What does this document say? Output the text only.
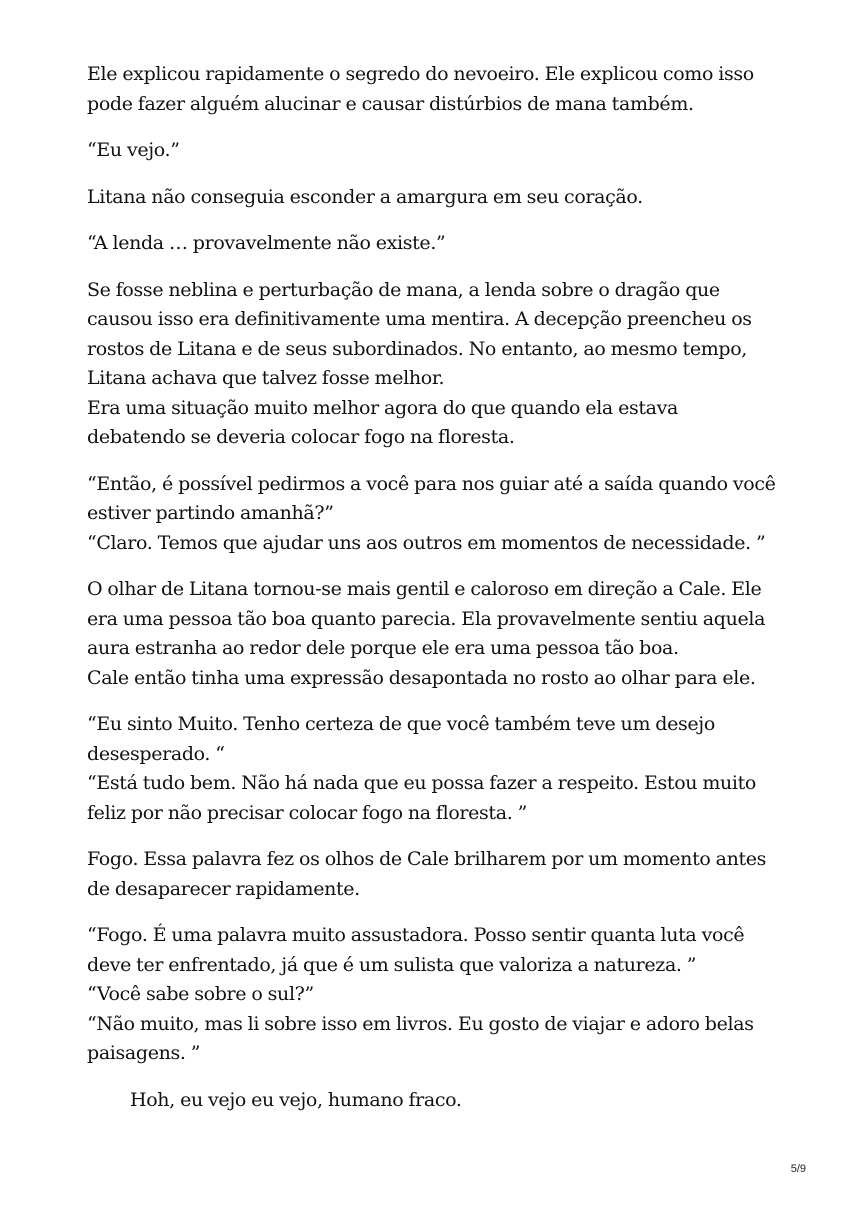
Ele explicou rapidamente o segredo do nevoeiro. Ele explicou como isso
pode fazer alguém alucinar e causar distúrbios de mana também.

“Eu vejo.”

Litana não conseguia esconder a amargura em seu coração.

“A lenda … provavelmente não existe.”

Se fosse neblina e perturbação de mana, a lenda sobre o dragão que
causou isso era definitivamente uma mentira. A decepção preencheu os
rostos de Litana e de seus subordinados. No entanto, ao mesmo tempo,
Litana achava que talvez fosse melhor.
Era uma situação muito melhor agora do que quando ela estava
debatendo se deveria colocar fogo na floresta.

“Então, é possível pedirmos a você para nos guiar até a saída quando você
estiver partindo amanhã?”
“Claro. Temos que ajudar uns aos outros em momentos de necessidade. ”

O olhar de Litana tornou-se mais gentil e caloroso em direção a Cale. Ele
era uma pessoa tão boa quanto parecia. Ela provavelmente sentiu aquela
aura estranha ao redor dele porque ele era uma pessoa tão boa.
Cale então tinha uma expressão desapontada no rosto ao olhar para ele.

“Eu sinto Muito. Tenho certeza de que você também teve um desejo
desesperado. “
“Está tudo bem. Não há nada que eu possa fazer a respeito. Estou muito
feliz por não precisar colocar fogo na floresta. ”

Fogo. Essa palavra fez os olhos de Cale brilharem por um momento antes
de desaparecer rapidamente.

“Fogo. É uma palavra muito assustadora. Posso sentir quanta luta você
deve ter enfrentado, já que é um sulista que valoriza a natureza. ”
“Você sabe sobre o sul?”
“Não muito, mas li sobre isso em livros. Eu gosto de viajar e adoro belas
paisagens. ”

Hoh, eu vejo eu vejo, humano fraco.

5/9
